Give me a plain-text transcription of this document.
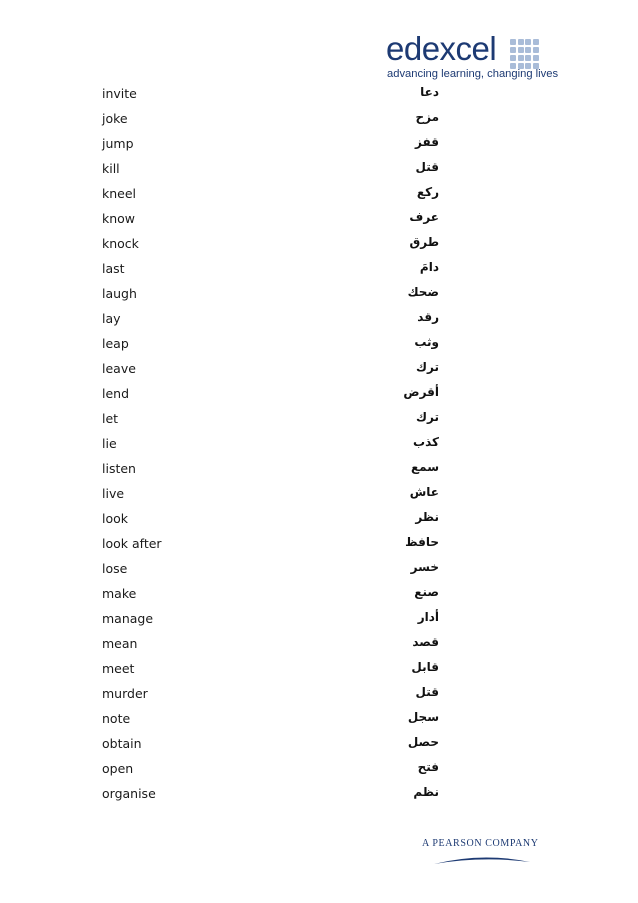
edexcel
advancing learning, changing lives
invite	دعا
joke	مزح
jump	قفز
kill	قتل
kneel	ركع
know	عرف
knock	طرق
last	دامَ
laugh	ضحك
lay	رقد
leap	وثب
leave	ترك
lend	أقرض
let	ترك
lie	كذب
listen	سمع
live	عاش
look	نظر
look after	حافظ
lose	خسر
make	صنع
manage	أدار
mean	قصد
meet	قابل
murder	قتل
note	سجل
obtain	حصل
open	فتح
organise	نظم
A PEARSON COMPANY
